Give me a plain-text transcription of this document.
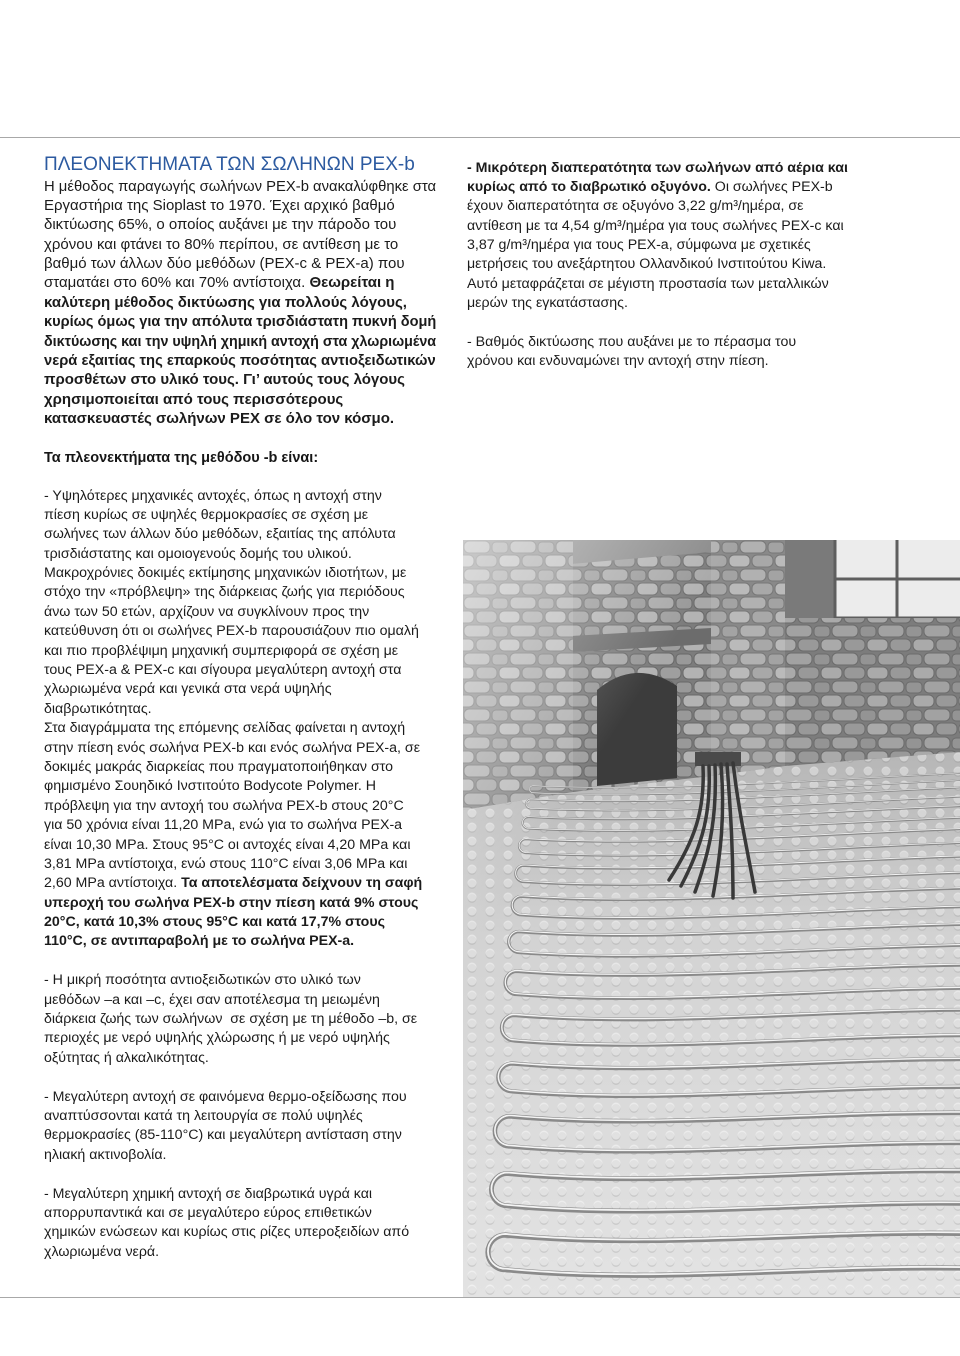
ΠΛΕΟΝΕΚΤΗΜΑΤΑ ΤΩΝ ΣΩΛΗΝΩΝ PEX-b
Η μέθοδος παραγωγής σωλήνων PEX-b ανακαλύφθηκε στα
Εργαστήρια της Sioplast το 1970. Έχει αρχικό βαθμό
δικτύωσης 65%, ο οποίος αυξάνει με την πάροδο του
χρόνου και φτάνει το 80% περίπου, σε αντίθεση με το
βαθμό των άλλων δύο μεθόδων (PEX-c & PEX-a) που
σταματάει στο 60% και 70% αντίστοιχα. Θεωρείται η
καλύτερη μέθοδος δικτύωσης για πολλούς λόγους,
κυρίως όμως για την απόλυτα τρισδιάστατη πυκνή δομή
δικτύωσης και την υψηλή χημική αντοχή στα χλωριωμένα
νερά εξαιτίας της επαρκούς ποσότητας αντιοξειδωτικών
προσθέτων στο υλικό τους. Γι’ αυτούς τους λόγους
χρησιμοποιείται από τους περισσότερους
κατασκευαστές σωλήνων PEX σε όλο τον κόσμο.
Τα πλεονεκτήματα της μεθόδου -b είναι:
- Υψηλότερες μηχανικές αντοχές, όπως η αντοχή στην
πίεση κυρίως σε υψηλές θερμοκρασίες σε σχέση με
σωλήνες των άλλων δύο μεθόδων, εξαιτίας της απόλυτα
τρισδιάστατης και ομοιογενούς δομής του υλικού.
Μακροχρόνιες δοκιμές εκτίμησης μηχανικών ιδιοτήτων, με
στόχο την «πρόβλεψη» της διάρκειας ζωής για περιόδους
άνω των 50 ετών, αρχίζουν να συγκλίνουν προς την
κατεύθυνση ότι οι σωλήνες PEX-b παρουσιάζουν πιο ομαλή
και πιο προβλέψιμη μηχανική συμπεριφορά σε σχέση με
τους PEX-a & PEX-c και σίγουρα μεγαλύτερη αντοχή στα
χλωριωμένα νερά και γενικά στα νερά υψηλής
διαβρωτικότητας.
Στα διαγράμματα της επόμενης σελίδας φαίνεται η αντοχή
στην πίεση ενός σωλήνα PEX-b και ενός σωλήνα PEX-a, σε
δοκιμές μακράς διαρκείας που πραγματοποιήθηκαν στο
φημισμένο Σουηδικό Ινστιτούτο Bodycote Polymer. Η
πρόβλεψη για την αντοχή του σωλήνα PEX-b στους 20°C
για 50 χρόνια είναι 11,20 MPa, ενώ για το σωλήνα PEX-a
είναι 10,30 MPa. Στους 95°C οι αντοχές είναι 4,20 MPa και
3,81 MPa αντίστοιχα, ενώ στους 110°C είναι 3,06 MPa και
2,60 MPa αντίστοιχα. Τα αποτελέσματα δείχνουν τη σαφή
υπεροχή του σωλήνα PEX-b στην πίεση κατά 9% στους
20°C, κατά 10,3% στους 95°C και κατά 17,7% στους
110°C, σε αντιπαραβολή με το σωλήνα PEX-a.
- Η μικρή ποσότητα αντιοξειδωτικών στο υλικό των
μεθόδων –a και –c, έχει σαν αποτέλεσμα τη μειωμένη
διάρκεια ζωής των σωλήνων  σε σχέση με τη μέθοδο –b, σε
περιοχές με νερό υψηλής χλώρωσης ή με νερό υψηλής
οξύτητας ή αλκαλικότητας.
- Μεγαλύτερη αντοχή σε φαινόμενα θερμο-οξείδωσης που
αναπτύσσονται κατά τη λειτουργία σε πολύ υψηλές
θερμοκρασίες (85-110°C) και μεγαλύτερη αντίσταση στην
ηλιακή ακτινοβολία.
- Μεγαλύτερη χημική αντοχή σε διαβρωτικά υγρά και
απορρυπαντικά και σε μεγαλύτερο εύρος επιθετικών
χημικών ενώσεων και κυρίως στις ρίζες υπεροξειδίων από
χλωριωμένα νερά.
- Μικρότερη διαπερατότητα των σωλήνων από αέρια και
κυρίως από το διαβρωτικό οξυγόνο. Οι σωλήνες PEX-b
έχουν διαπερατότητα σε οξυγόνο 3,22 g/m³/ημέρα, σε
αντίθεση με τα 4,54 g/m³/ημέρα για τους σωλήνες PEX-c και
3,87 g/m³/ημέρα για τους PEX-a, σύμφωνα με σχετικές
μετρήσεις του ανεξάρτητου Ολλανδικού Ινστιτούτου Kiwa.
Αυτό μεταφράζεται σε μέγιστη προστασία των μεταλλικών
μερών της εγκατάστασης.
- Βαθμός δικτύωσης που αυξάνει με το πέρασμα του
χρόνου και ενδυναμώνει την αντοχή στην πίεση.
